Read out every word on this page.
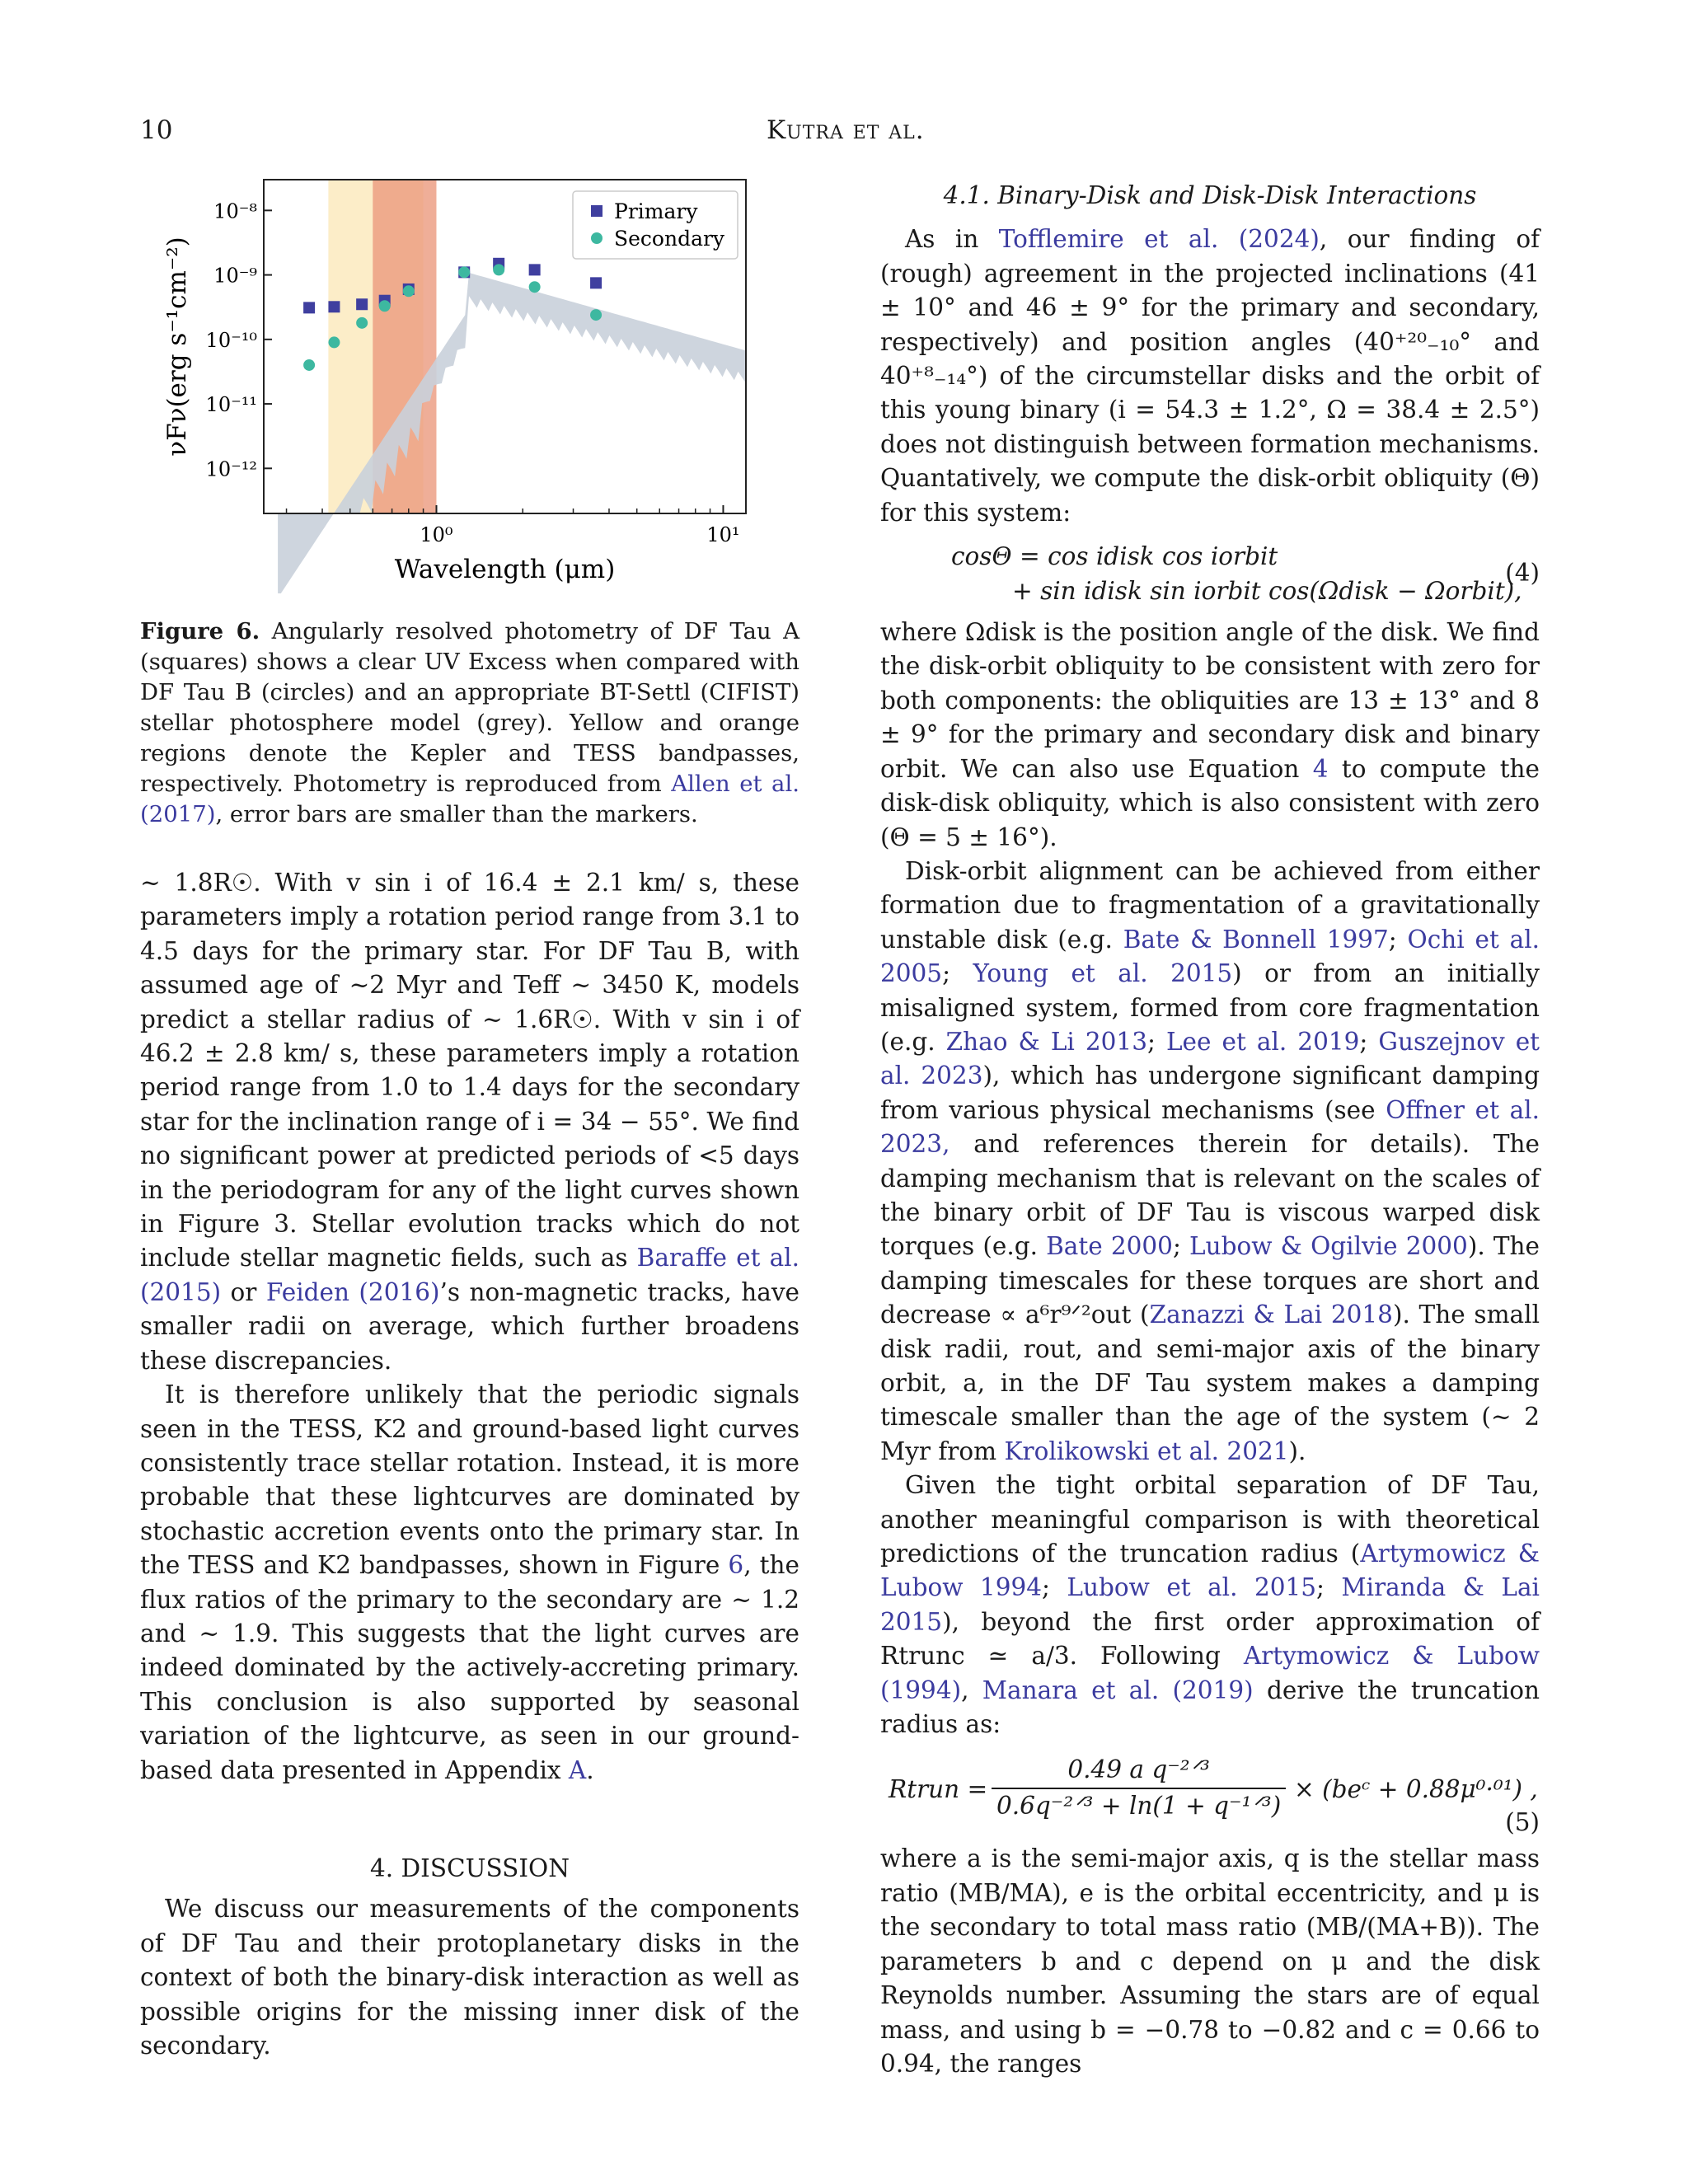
10	Kutra et al.
10⁻⁸
10⁻⁹
10⁻¹⁰
10⁻¹¹
10⁻¹²
10⁰	10¹
Primary
Secondary
Wavelength (μm)
νFν(erg s⁻¹cm⁻²)

Figure 6. Angularly resolved photometry of DF Tau A (squares) shows a clear UV Excess when compared with DF Tau B (circles) and an appropriate BT-Settl (CIFIST) stellar photosphere model (grey). Yellow and orange regions denote the Kepler and TESS bandpasses, respectively. Photometry is reproduced from Allen et al. (2017), error bars are smaller than the markers.

∼ 1.8R☉. With v sin i of 16.4 ± 2.1 km/ s, these parameters imply a rotation period range from 3.1 to 4.5 days for the primary star. For DF Tau B, with assumed age of ∼2 Myr and Teff ∼ 3450 K, models predict a stellar radius of ∼ 1.6R☉. With v sin i of 46.2 ± 2.8 km/ s, these parameters imply a rotation period range from 1.0 to 1.4 days for the secondary star for the inclination range of i = 34 − 55°. We find no significant power at predicted periods of <5 days in the periodogram for any of the light curves shown in Figure 3. Stellar evolution tracks which do not include stellar magnetic fields, such as Baraffe et al. (2015) or Feiden (2016)’s non-magnetic tracks, have smaller radii on average, which further broadens these discrepancies.

It is therefore unlikely that the periodic signals seen in the TESS, K2 and ground-based light curves consistently trace stellar rotation. Instead, it is more probable that these lightcurves are dominated by stochastic accretion events onto the primary star. In the TESS and K2 bandpasses, shown in Figure 6, the flux ratios of the primary to the secondary are ∼ 1.2 and ∼ 1.9. This suggests that the light curves are indeed dominated by the actively-accreting primary. This conclusion is also supported by seasonal variation of the lightcurve, as seen in our ground-based data presented in Appendix A.

4. DISCUSSION

We discuss our measurements of the components of DF Tau and their protoplanetary disks in the context of both the binary-disk interaction as well as possible origins for the missing inner disk of the secondary.

4.1. Binary-Disk and Disk-Disk Interactions

As in Tofflemire et al. (2024), our finding of (rough) agreement in the projected inclinations (41 ± 10° and 46 ± 9° for the primary and secondary, respectively) and position angles (40⁺²⁰₋₁₀° and 40⁺⁸₋₁₄°) of the circumstellar disks and the orbit of this young binary (i = 54.3 ± 1.2°, Ω = 38.4 ± 2.5°) does not distinguish between formation mechanisms. Quantatively, we compute the disk-orbit obliquity (Θ) for this system:

cosΘ = cos idisk cos iorbit
+ sin idisk sin iorbit cos(Ωdisk − Ωorbit),
(4)

where Ωdisk is the position angle of the disk. We find the disk-orbit obliquity to be consistent with zero for both components: the obliquities are 13 ± 13° and 8 ± 9° for the primary and secondary disk and binary orbit. We can also use Equation 4 to compute the disk-disk obliquity, which is also consistent with zero (Θ = 5 ± 16°).

Disk-orbit alignment can be achieved from either formation due to fragmentation of a gravitationally unstable disk (e.g. Bate & Bonnell 1997; Ochi et al. 2005; Young et al. 2015) or from an initially misaligned system, formed from core fragmentation (e.g. Zhao & Li 2013; Lee et al. 2019; Guszejnov et al. 2023), which has undergone significant damping from various physical mechanisms (see Offner et al. 2023, and references therein for details). The damping mechanism that is relevant on the scales of the binary orbit of DF Tau is viscous warped disk torques (e.g. Bate 2000; Lubow & Ogilvie 2000). The damping timescales for these torques are short and decrease ∝ a⁶r⁹ᐟ²out (Zanazzi & Lai 2018). The small disk radii, rout, and semi-major axis of the binary orbit, a, in the DF Tau system makes a damping timescale smaller than the age of the system (∼ 2 Myr from Krolikowski et al. 2021).

Given the tight orbital separation of DF Tau, another meaningful comparison is with theoretical predictions of the truncation radius (Artymowicz & Lubow 1994; Lubow et al. 2015; Miranda & Lai 2015), beyond the first order approximation of Rtrunc ≃ a/3. Following Artymowicz & Lubow (1994), Manara et al. (2019) derive the truncation radius as:

Rtrun =
0.49 a q⁻²ᐟ³
0.6q⁻²ᐟ³ + ln(1 + q⁻¹ᐟ³)
× (beᶜ + 0.88μ⁰·⁰¹) ,
(5)

where a is the semi-major axis, q is the stellar mass ratio (MB/MA), e is the orbital eccentricity, and μ is the secondary to total mass ratio (MB/(MA+B)). The parameters b and c depend on μ and the disk Reynolds number. Assuming the stars are of equal mass, and using b = −0.78 to −0.82 and c = 0.66 to 0.94, the ranges
